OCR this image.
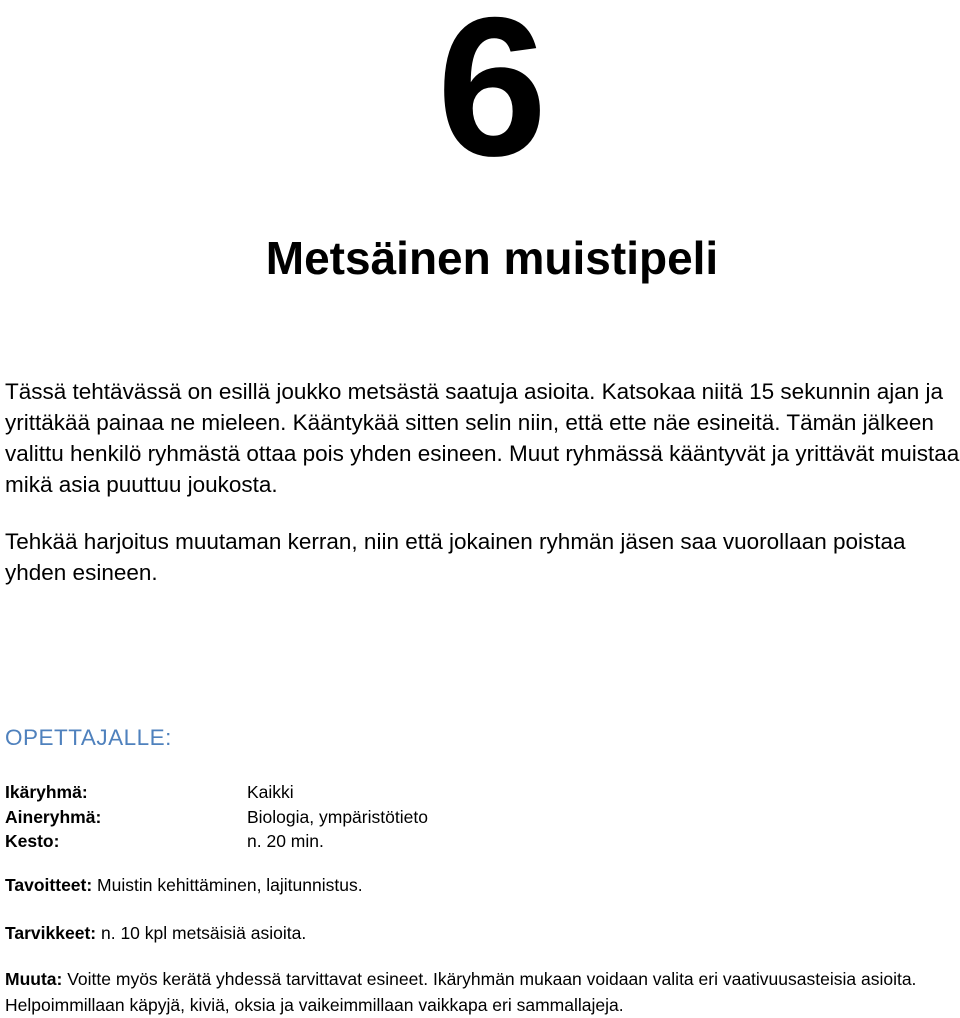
6
Metsäinen muistipeli

Tässä tehtävässä on esillä joukko metsästä saatuja asioita. Katsokaa niitä 15 sekunnin ajan ja yrittäkää painaa ne mieleen. Kääntykää sitten selin niin, että ette näe esineitä. Tämän jälkeen valittu henkilö ryhmästä ottaa pois yhden esineen. Muut ryhmässä kääntyvät ja yrittävät muistaa mikä asia puuttuu joukosta.

Tehkää harjoitus muutaman kerran, niin että jokainen ryhmän jäsen saa vuorollaan poistaa yhden esineen.

OPETTAJALLE:
Ikäryhmä:	Kaikki
Aineryhmä:	Biologia, ympäristötieto
Kesto:	n. 20 min.
Tavoitteet: Muistin kehittäminen, lajitunnistus.
Tarvikkeet: n. 10 kpl metsäisiä asioita.
Muuta: Voitte myös kerätä yhdessä tarvittavat esineet. Ikäryhmän mukaan voidaan valita eri vaativuusasteisia asioita. Helpoimmillaan käpyjä, kiviä, oksia ja vaikeimmillaan vaikkapa eri sammallajeja.
